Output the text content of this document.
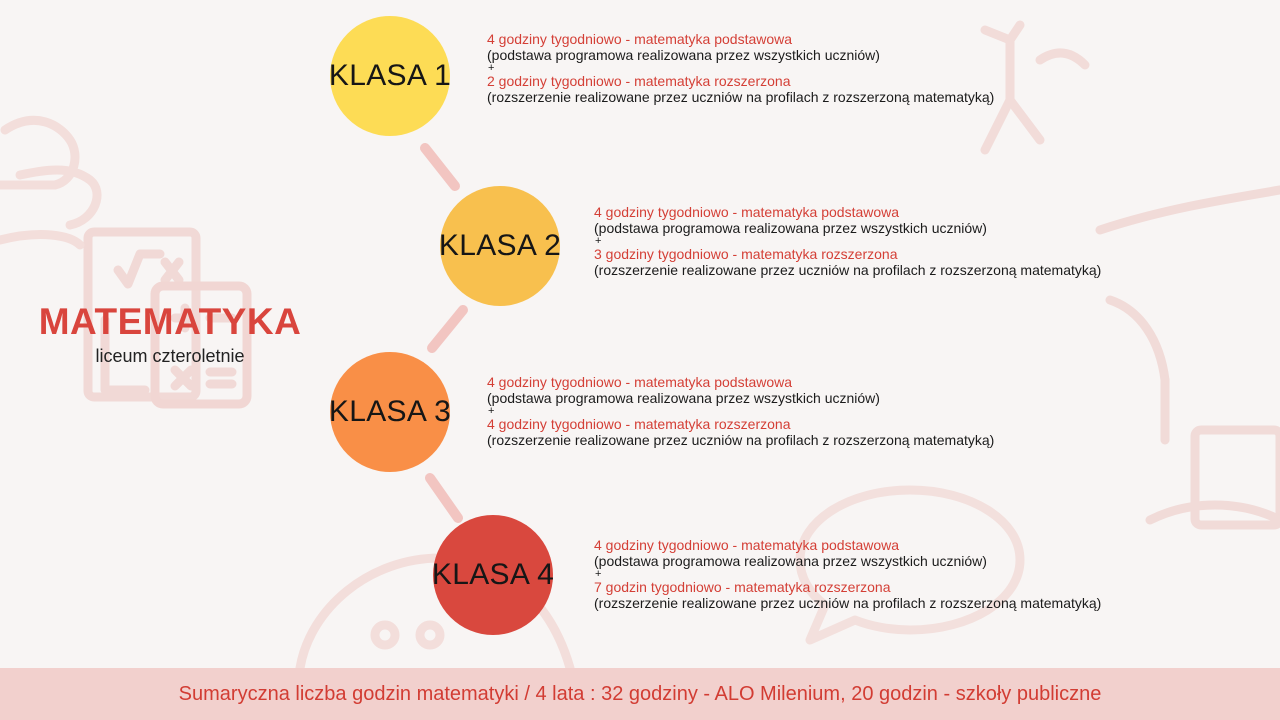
MATEMATYKA
liceum czteroletnie
KLASA 1
4 godziny tygodniowo - matematyka podstawowa
(podstawa programowa realizowana przez wszystkich uczniów)
+
2 godziny tygodniowo - matematyka rozszerzona
(rozszerzenie realizowane przez uczniów na profilach z rozszerzoną matematyką)
KLASA 2
4 godziny tygodniowo - matematyka podstawowa
(podstawa programowa realizowana przez wszystkich uczniów)
+
3 godziny tygodniowo - matematyka rozszerzona
(rozszerzenie realizowane przez uczniów na profilach z rozszerzoną matematyką)
KLASA 3
4 godziny tygodniowo - matematyka podstawowa
(podstawa programowa realizowana przez wszystkich uczniów)
+
4 godziny tygodniowo - matematyka rozszerzona
(rozszerzenie realizowane przez uczniów na profilach z rozszerzoną matematyką)
KLASA 4
4 godziny tygodniowo - matematyka podstawowa
(podstawa programowa realizowana przez wszystkich uczniów)
+
7 godzin tygodniowo - matematyka rozszerzona
(rozszerzenie realizowane przez uczniów na profilach z rozszerzoną matematyką)
Sumaryczna liczba godzin matematyki / 4 lata : 32 godziny - ALO Milenium, 20 godzin - szkoły publiczne
